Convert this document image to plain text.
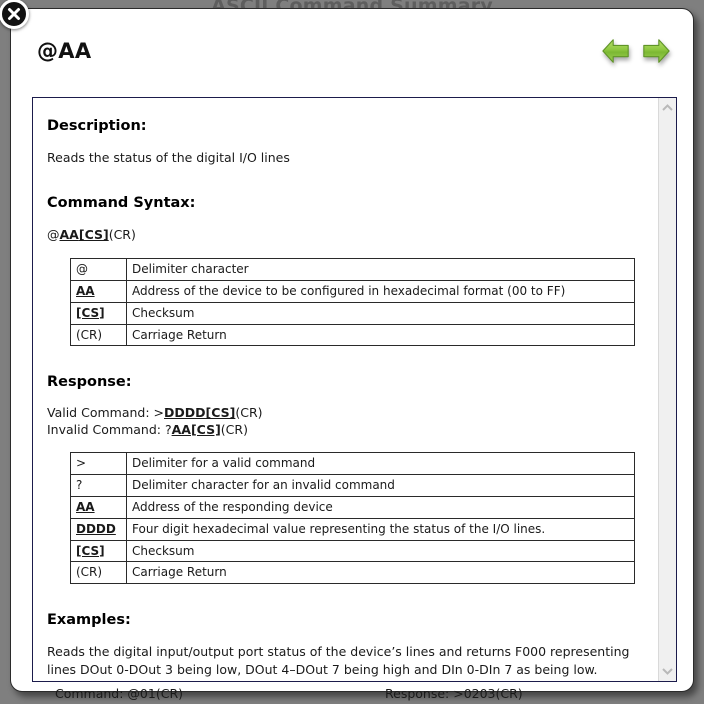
@AA
Description:

Reads the status of the digital I/O lines

Command Syntax:

@AA[CS](CR)

@	Delimiter character
AA	Address of the device to be configured in hexadecimal format (00 to FF)
[CS]	Checksum
(CR)	Carriage Return
Response:
Valid Command: >DDDD[CS](CR)
Invalid Command: ?AA[CS](CR)
>	Delimiter for a valid command
?	Delimiter character for an invalid command
AA	Address of the responding device
DDDD	Four digit hexadecimal value representing the status of the I/O lines.
[CS]	Checksum
(CR)	Carriage Return
Examples:

Reads the digital input/output port status of the device’s lines and returns F000 representing lines DOut 0-DOut 3 being low, DOut 4–DOut 7 being high and DIn 0-DIn 7 as being low.

Command: @01(CR)	Response: >0203(CR)
